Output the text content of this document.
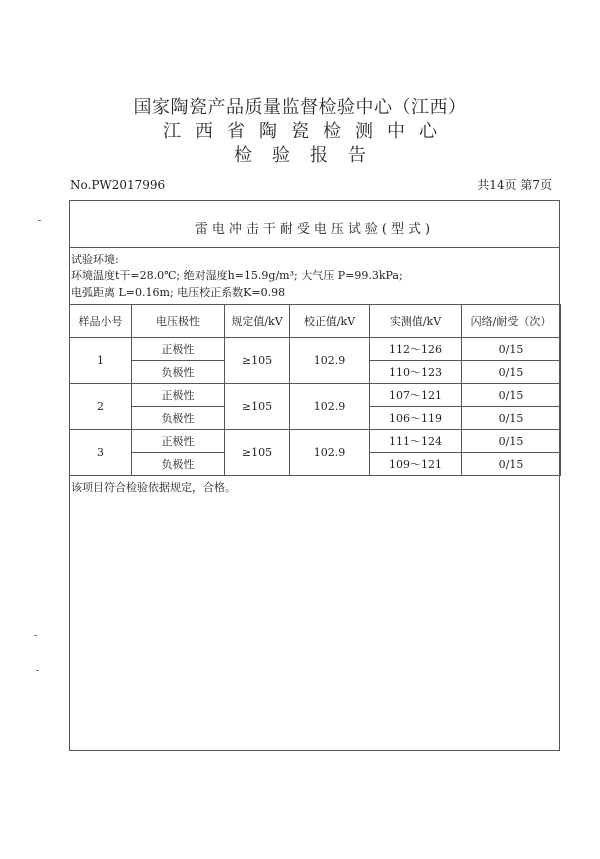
国家陶瓷产品质量监督检验中心（江西）
江西省陶瓷检测中心
检验报告
No.PW2017996	共14页 第7页
雷电冲击干耐受电压试验(型式)
试验环境:
环境温度t干=28.0℃; 绝对湿度h=15.9g/m³; 大气压 P=99.3kPa;
电弧距离 L=0.16m; 电压校正系数K=0.98
样品小号	电压极性	规定值/kV	校正值/kV	实测值/kV	闪络/耐受（次）
1	正极性	≥105	102.9	112～126	0/15
	负极性			110～123	0/15
2	正极性	≥105	102.9	107～121	0/15
	负极性			106～119	0/15
3	正极性	≥105	102.9	111～124	0/15
	负极性			109～121	0/15
该项目符合检验依据规定，合格。
